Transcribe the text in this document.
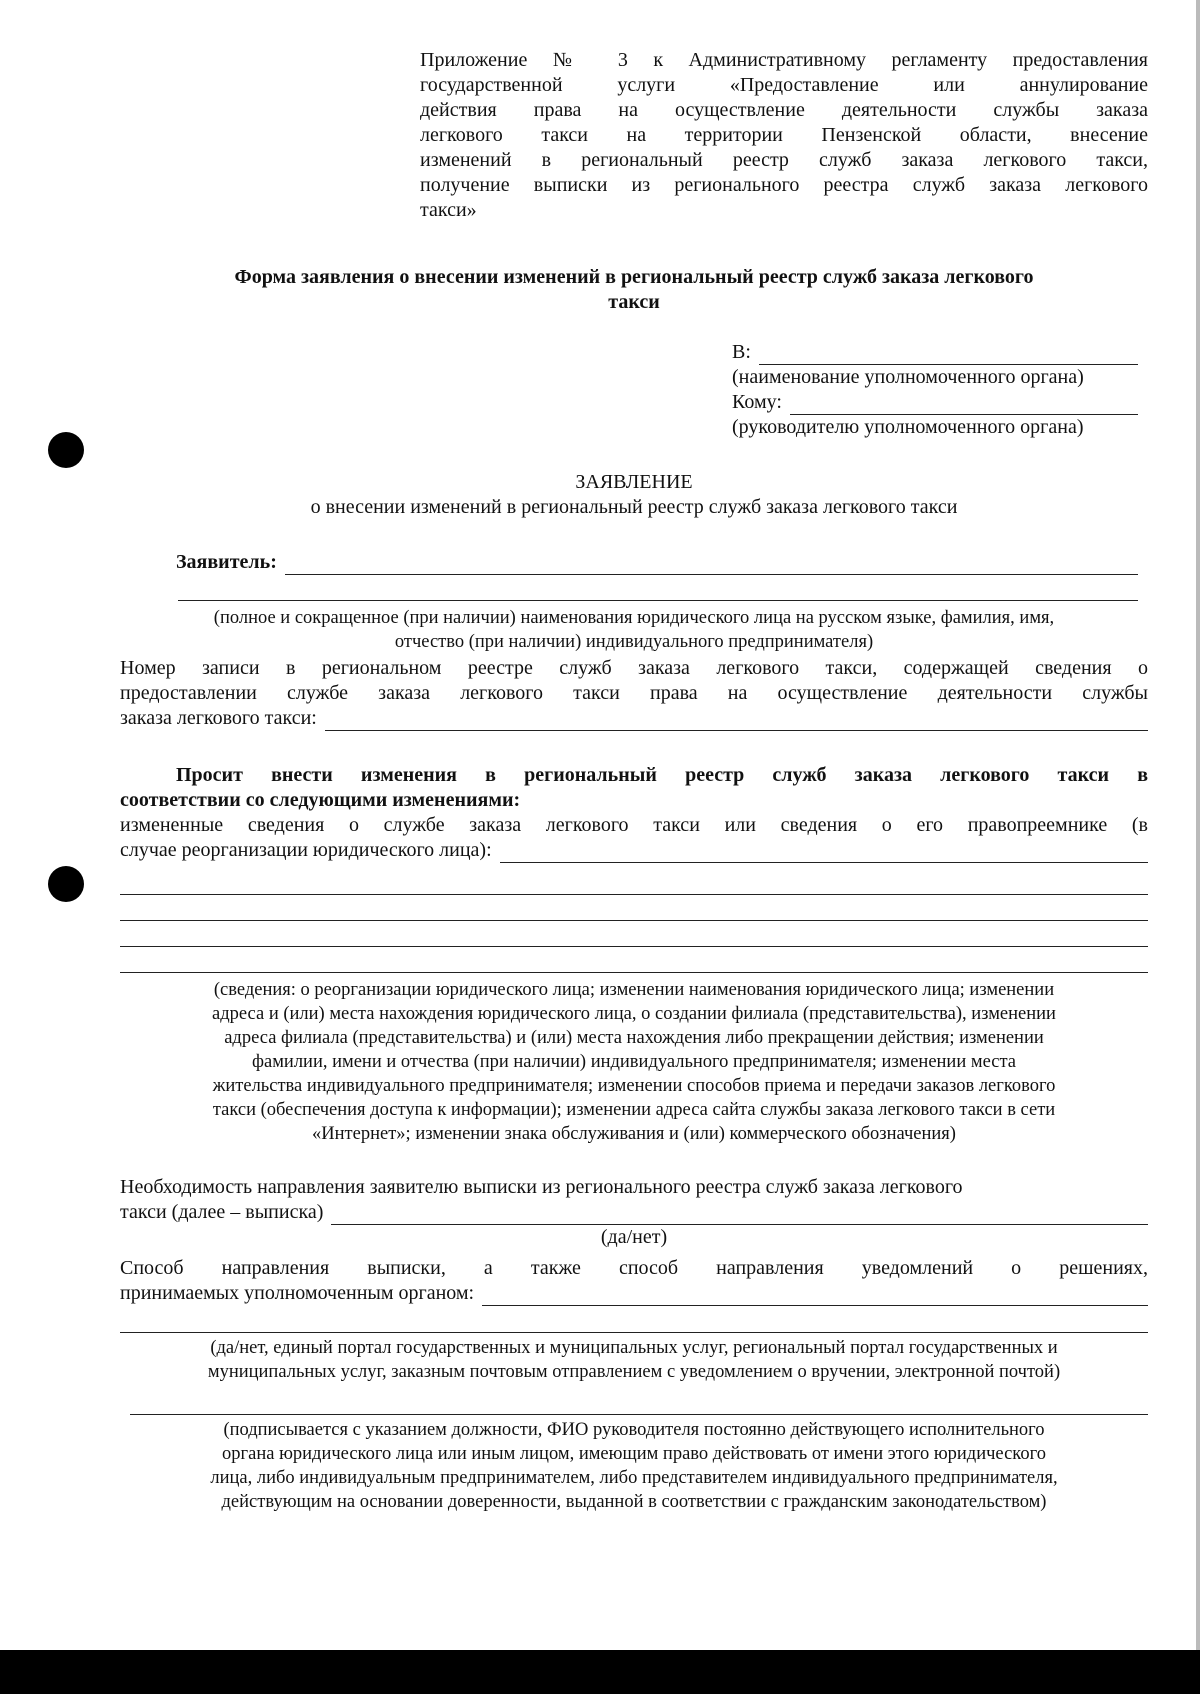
Приложение № 3 к Административному регламенту предоставления
государственной услуги «Предоставление или аннулирование
действия права на осуществление деятельности службы заказа
легкового такси на территории Пензенской области, внесение
изменений в региональный реестр служб заказа легкового такси,
получение выписки из регионального реестра служб заказа легкового
такси»
Форма заявления о внесении изменений в региональный реестр служб заказа легкового
такси
В:
(наименование уполномоченного органа)
Кому:
(руководителю уполномоченного органа)
ЗАЯВЛЕНИЕ
о внесении изменений в региональный реестр служб заказа легкового такси
Заявитель:
(полное и сокращенное (при наличии) наименования юридического лица на русском языке, фамилия, имя,
отчество (при наличии) индивидуального предпринимателя)
Номер записи в региональном реестре служб заказа легкового такси, содержащей сведения о
предоставлении службе заказа легкового такси права на осуществление деятельности службы
заказа легкового такси:
Просит внести изменения в региональный реестр служб заказа легкового такси в
соответствии со следующими изменениями:
измененные сведения о службе заказа легкового такси или сведения о его правопреемнике (в
случае реорганизации юридического лица):
(сведения: о реорганизации юридического лица; изменении наименования юридического лица; изменении
адреса и (или) места нахождения юридического лица, о создании филиала (представительства), изменении
адреса филиала (представительства) и (или) места нахождения либо прекращении действия; изменении
фамилии, имени и отчества (при наличии) индивидуального предпринимателя; изменении места
жительства индивидуального предпринимателя; изменении способов приема и передачи заказов легкового
такси (обеспечения доступа к информации); изменении адреса сайта службы заказа легкового такси в сети
«Интернет»; изменении знака обслуживания и (или) коммерческого обозначения)
Необходимость направления заявителю выписки из регионального реестра служб заказа легкового
такси (далее – выписка)
(да/нет)
Способ направления выписки, а также способ направления уведомлений о решениях,
принимаемых уполномоченным органом:
(да/нет, единый портал государственных и муниципальных услуг, региональный портал государственных и
муниципальных услуг, заказным почтовым отправлением с уведомлением о вручении, электронной почтой)
(подписывается с указанием должности, ФИО руководителя постоянно действующего исполнительного
органа юридического лица или иным лицом, имеющим право действовать от имени этого юридического
лица, либо индивидуальным предпринимателем, либо представителем индивидуального предпринимателя,
действующим на основании доверенности, выданной в соответствии с гражданским законодательством)
